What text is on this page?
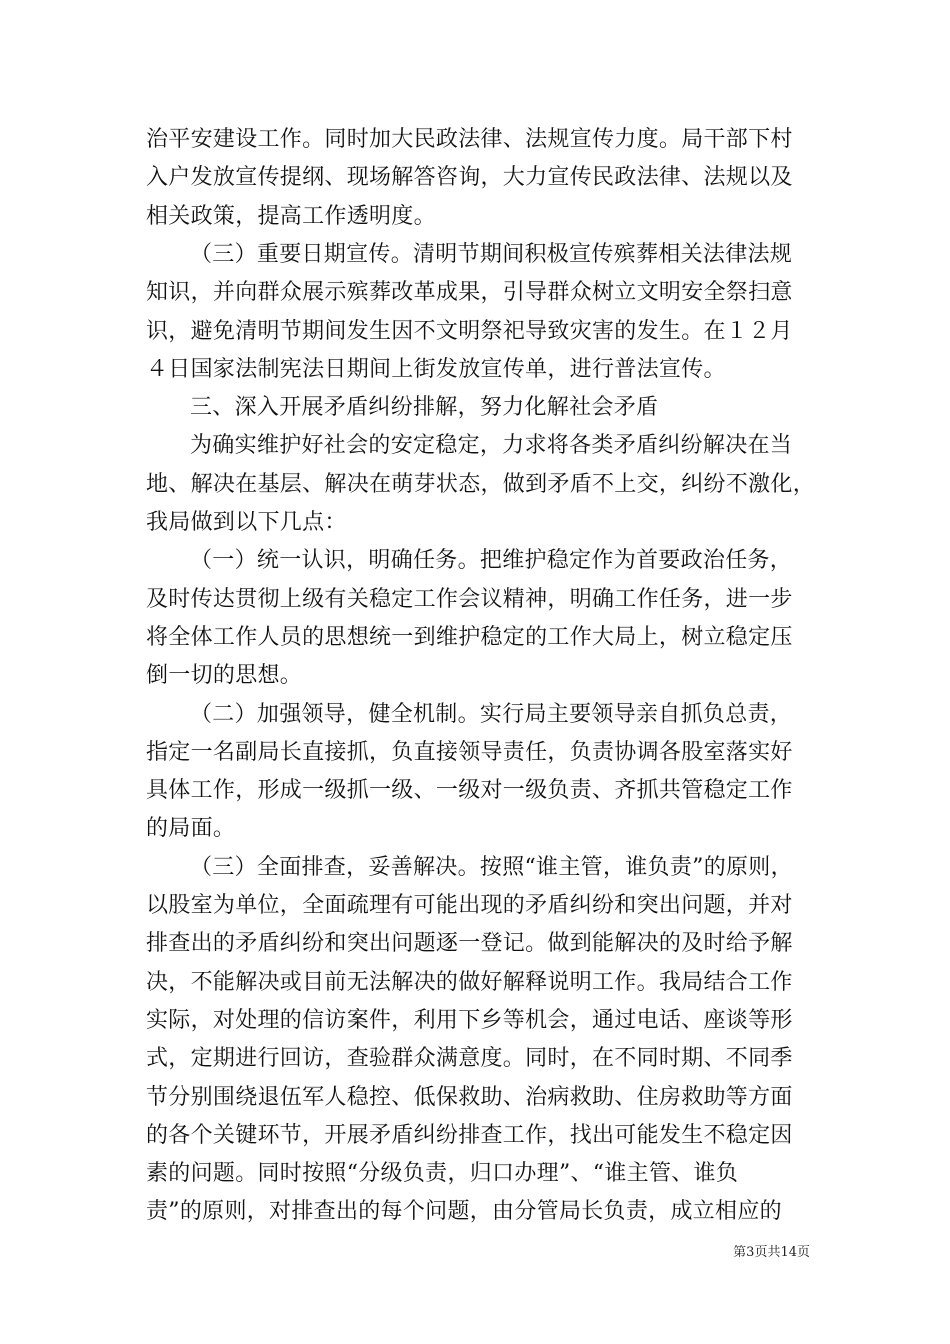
治平安建设工作。同时加大民政法律、法规宣传力度。局干部下村
入户发放宣传提纲、现场解答咨询，大力宣传民政法律、法规以及
相关政策，提高工作透明度。
（三）重要日期宣传。清明节期间积极宣传殡葬相关法律法规
知识，并向群众展示殡葬改革成果，引导群众树立文明安全祭扫意
识，避免清明节期间发生因不文明祭祀导致灾害的发生。在１２月
４日国家法制宪法日期间上街发放宣传单，进行普法宣传。
三、深入开展矛盾纠纷排解，努力化解社会矛盾
为确实维护好社会的安定稳定，力求将各类矛盾纠纷解决在当
地、解决在基层、解决在萌芽状态，做到矛盾不上交，纠纷不激化，
我局做到以下几点：
（一）统一认识，明确任务。把维护稳定作为首要政治任务，
及时传达贯彻上级有关稳定工作会议精神，明确工作任务，进一步
将全体工作人员的思想统一到维护稳定的工作大局上，树立稳定压
倒一切的思想。
（二）加强领导，健全机制。实行局主要领导亲自抓负总责，
指定一名副局长直接抓，负直接领导责任，负责协调各股室落实好
具体工作，形成一级抓一级、一级对一级负责、齐抓共管稳定工作
的局面。
（三）全面排查，妥善解决。按照“谁主管，谁负责”的原则，
以股室为单位，全面疏理有可能出现的矛盾纠纷和突出问题，并对
排查出的矛盾纠纷和突出问题逐一登记。做到能解决的及时给予解
决，不能解决或目前无法解决的做好解释说明工作。我局结合工作
实际，对处理的信访案件，利用下乡等机会，通过电话、座谈等形
式，定期进行回访，查验群众满意度。同时，在不同时期、不同季
节分别围绕退伍军人稳控、低保救助、治病救助、住房救助等方面
的各个关键环节，开展矛盾纠纷排查工作，找出可能发生不稳定因
素的问题。同时按照“分级负责，归口办理”、“谁主管、谁负
责”的原则，对排查出的每个问题，由分管局长负责，成立相应的
第3页共14页
